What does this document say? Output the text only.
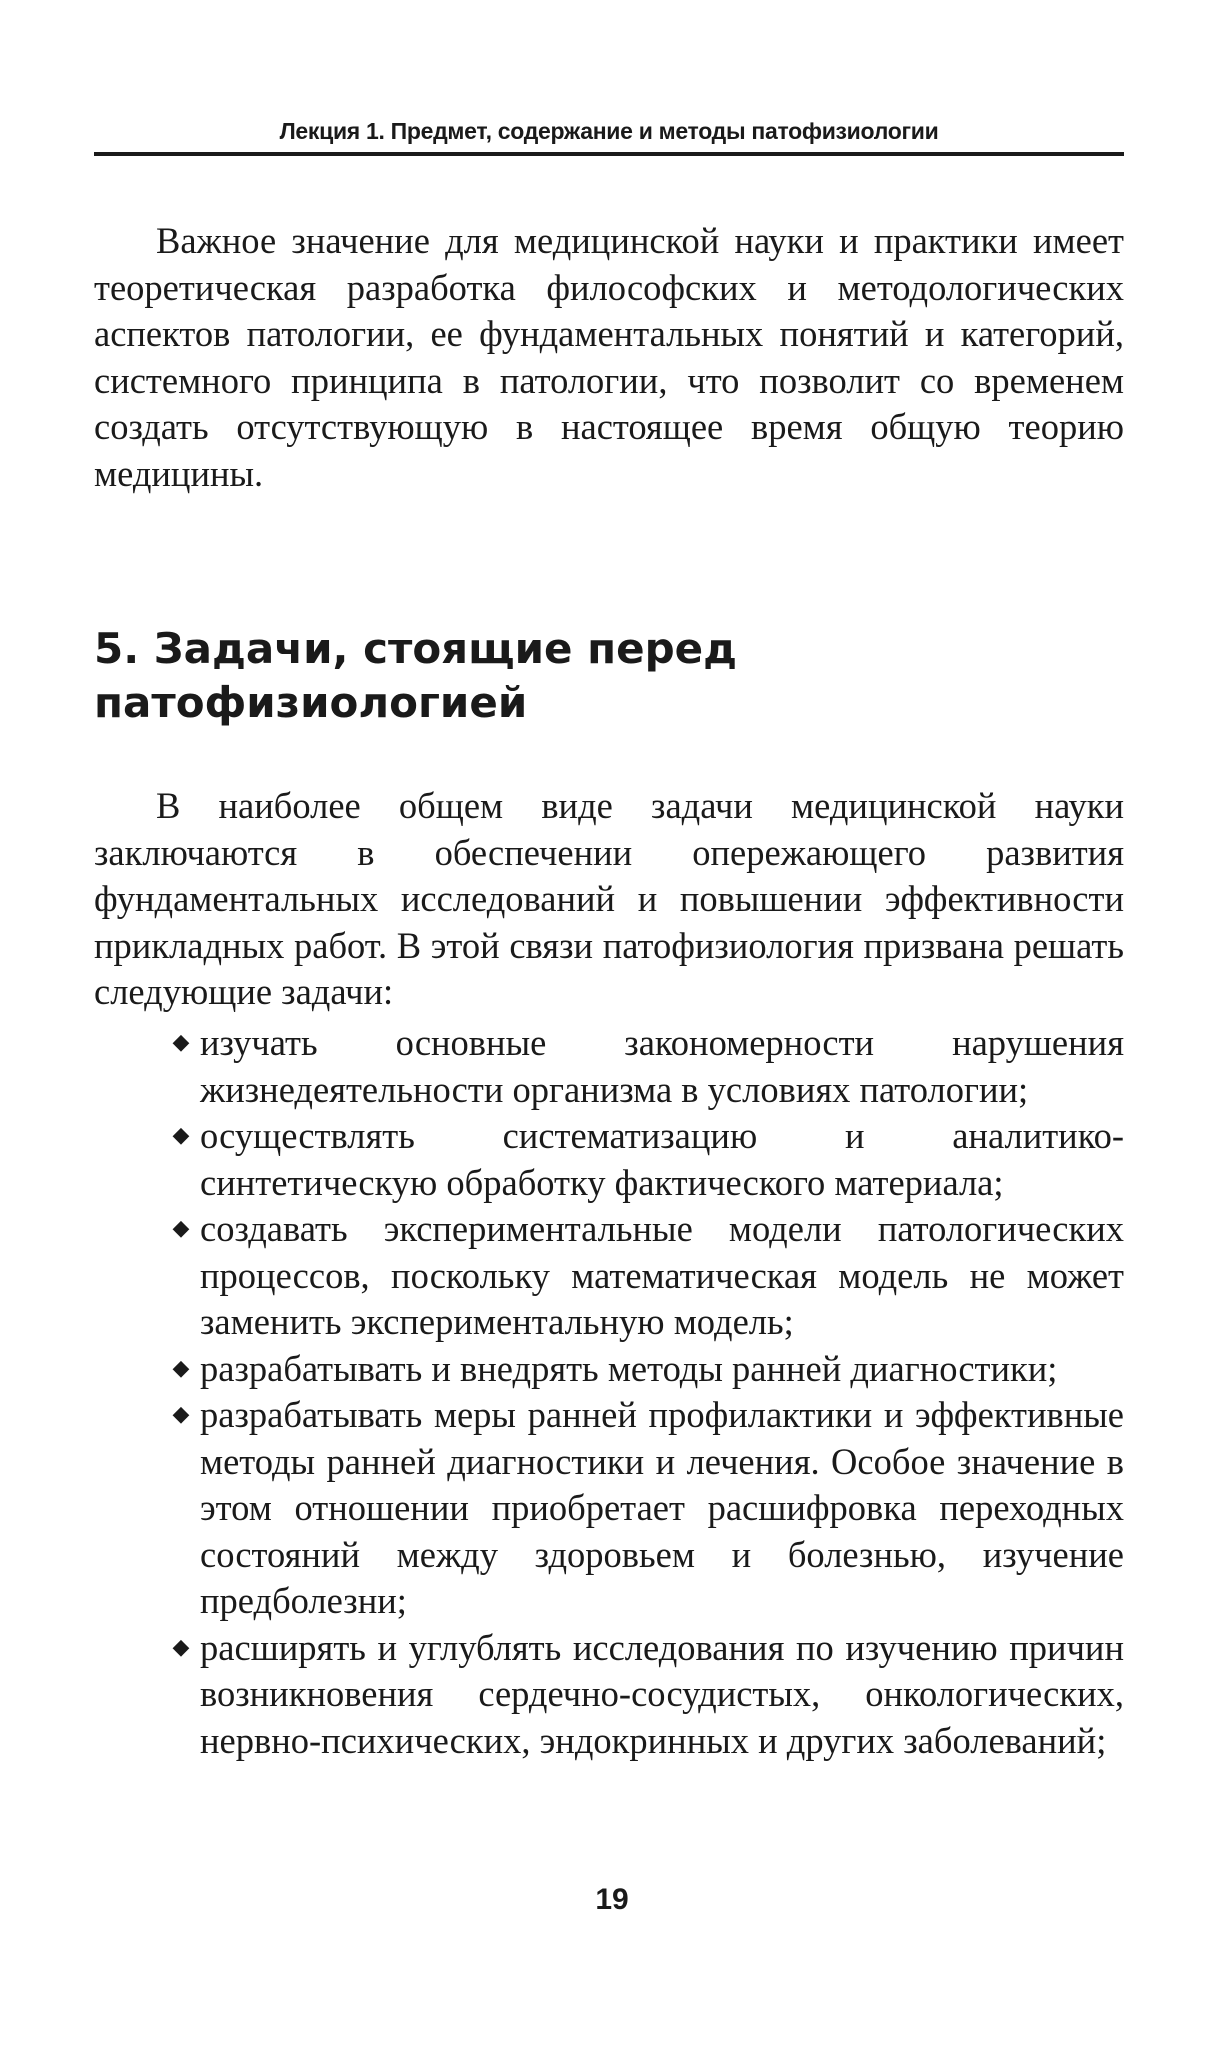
Лекция 1. Предмет, содержание и методы патофизиологии

Важное значение для медицинской науки и практики имеет теоретическая разработка философских и методологических аспектов патологии, ее фундаментальных понятий и категорий, системного принципа в патологии, что позволит со временем создать отсутствующую в настоящее время общую теорию медицины.

5. Задачи, стоящие перед патофизиологией

В наиболее общем виде задачи медицинской науки заключаются в обеспечении опережающего развития фундаментальных исследований и повышении эффективности прикладных работ. В этой связи патофизиология призвана решать следующие задачи:

◆ изучать основные закономерности нарушения жизнедеятельности организма в условиях патологии;
◆ осуществлять систематизацию и аналитико-синтетическую обработку фактического материала;
◆ создавать экспериментальные модели патологических процессов, поскольку математическая модель не может заменить экспериментальную модель;
◆ разрабатывать и внедрять методы ранней диагностики;
◆ разрабатывать меры ранней профилактики и эффективные методы ранней диагностики и лечения. Особое значение в этом отношении приобретает расшифровка переходных состояний между здоровьем и болезнью, изучение предболезни;
◆ расширять и углублять исследования по изучению причин возникновения сердечно-сосудистых, онкологических, нервно-психических, эндокринных и других заболеваний;
19
